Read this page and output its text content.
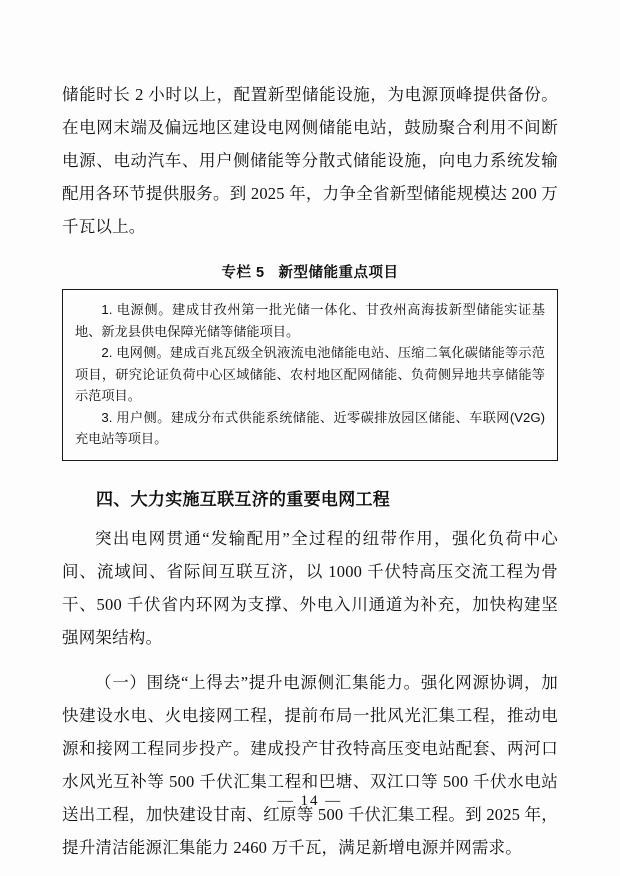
储能时长 2 小时以上，配置新型储能设施，为电源顶峰提供备份。在电网末端及偏远地区建设电网侧储能电站，鼓励聚合利用不间断电源、电动汽车、用户侧储能等分散式储能设施，向电力系统发输配用各环节提供服务。到 2025 年，力争全省新型储能规模达 200 万千瓦以上。

专栏 5 新型储能重点项目

1. 电源侧。建成甘孜州第一批光储一体化、甘孜州高海拔新型储能实证基地、新龙县供电保障光储等储能项目。

2. 电网侧。建成百兆瓦级全钒液流电池储能电站、压缩二氧化碳储能等示范项目，研究论证负荷中心区域储能、农村地区配网储能、负荷侧异地共享储能等示范项目。

3. 用户侧。建成分布式供能系统储能、近零碳排放园区储能、车联网(V2G)充电站等项目。

四、大力实施互联互济的重要电网工程

突出电网贯通“发输配用”全过程的纽带作用，强化负荷中心间、流域间、省际间互联互济，以 1000 千伏特高压交流工程为骨干、500 千伏省内环网为支撑、外电入川通道为补充，加快构建坚强网架结构。

（一）围绕“上得去”提升电源侧汇集能力。强化网源协调，加快建设水电、火电接网工程，提前布局一批风光汇集工程，推动电源和接网工程同步投产。建成投产甘孜特高压变电站配套、两河口水风光互补等 500 千伏汇集工程和巴塘、双江口等 500 千伏水电站送出工程，加快建设甘南、红原等 500 千伏汇集工程。到 2025 年，提升清洁能源汇集能力 2460 万千瓦，满足新增电源并网需求。

— 14 —
